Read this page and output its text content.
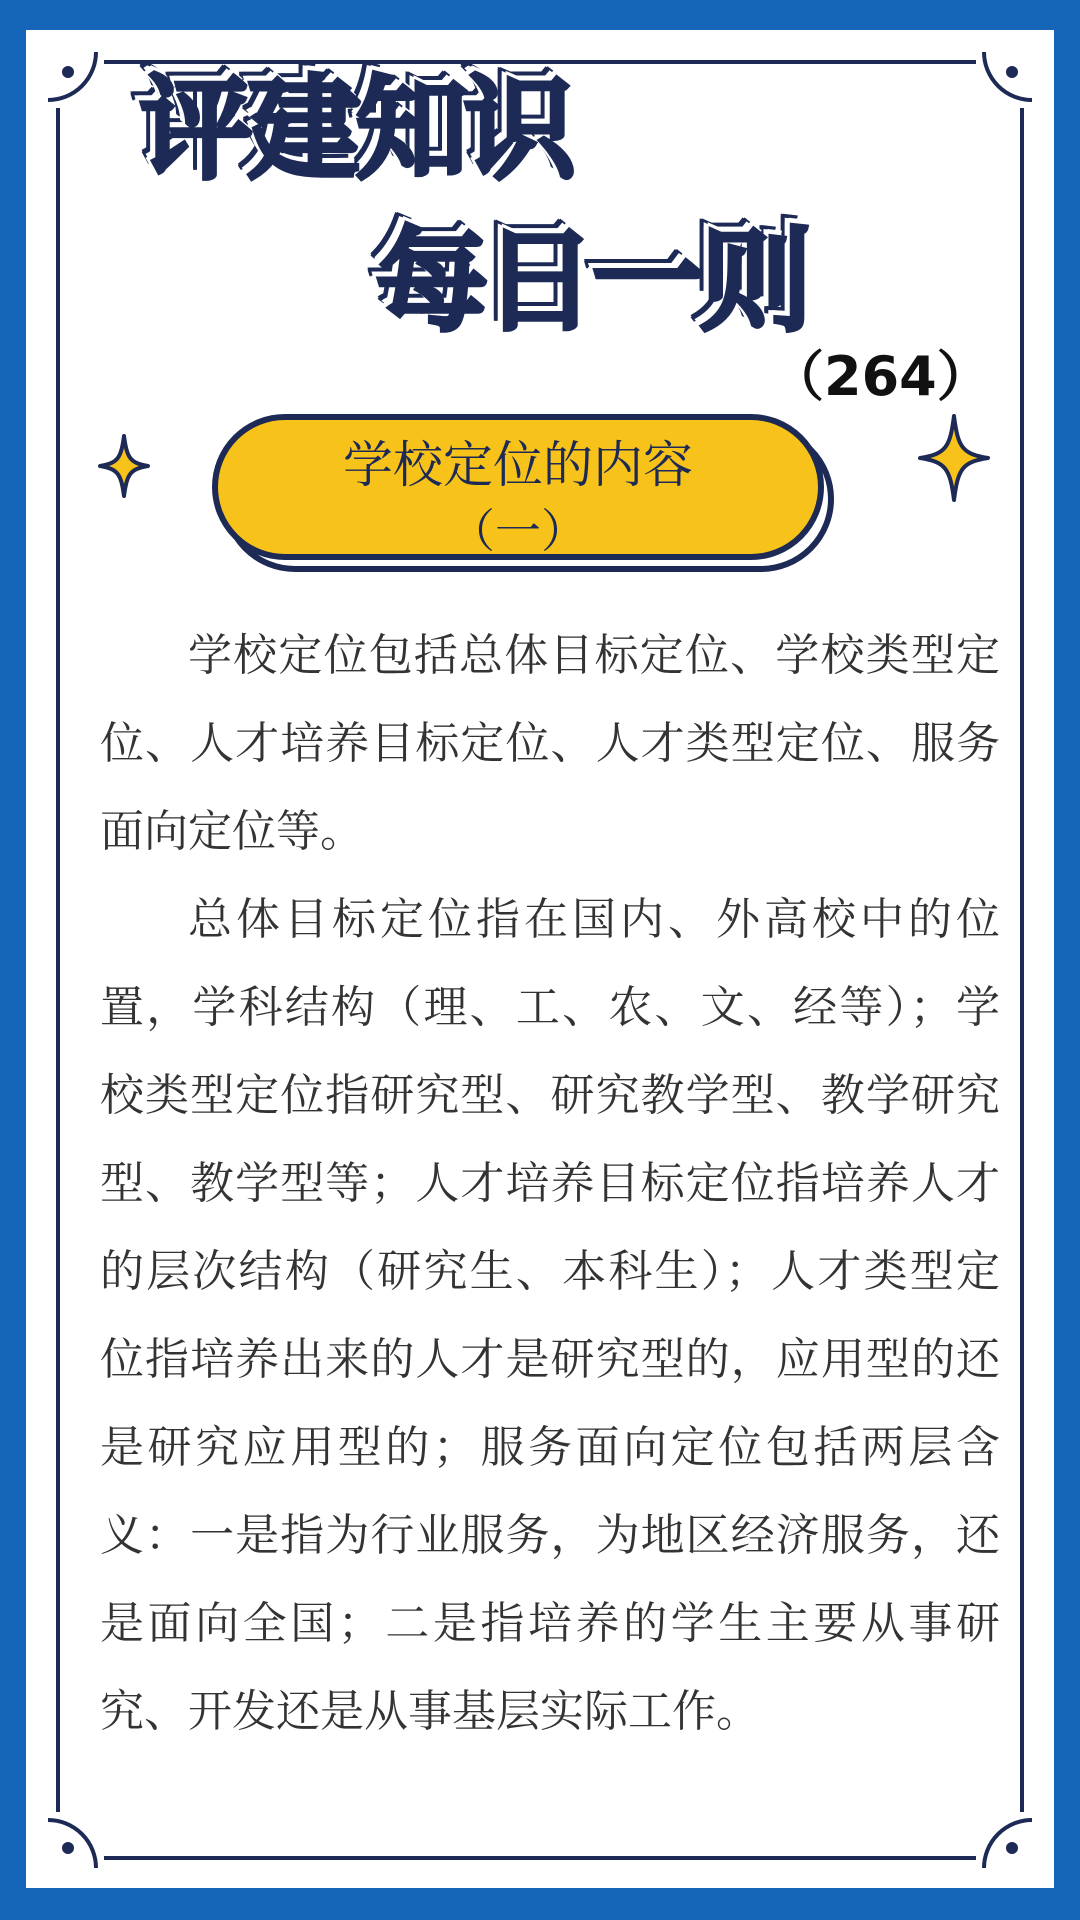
评建知识
每日一则
（264）
学校定位的内容
（一）

学校定位包括总体目标定位、学校类型定位、人才培养目标定位、人才类型定位、服务面向定位等。

总体目标定位指在国内、外高校中的位置，学科结构（理、工、农、文、经等）；学校类型定位指研究型、研究教学型、教学研究型、教学型等；人才培养目标定位指培养人才的层次结构（研究生、本科生）；人才类型定位指培养出来的人才是研究型的，应用型的还是研究应用型的；服务面向定位包括两层含义：一是指为行业服务，为地区经济服务，还是面向全国；二是指培养的学生主要从事研究、开发还是从事基层实际工作。
